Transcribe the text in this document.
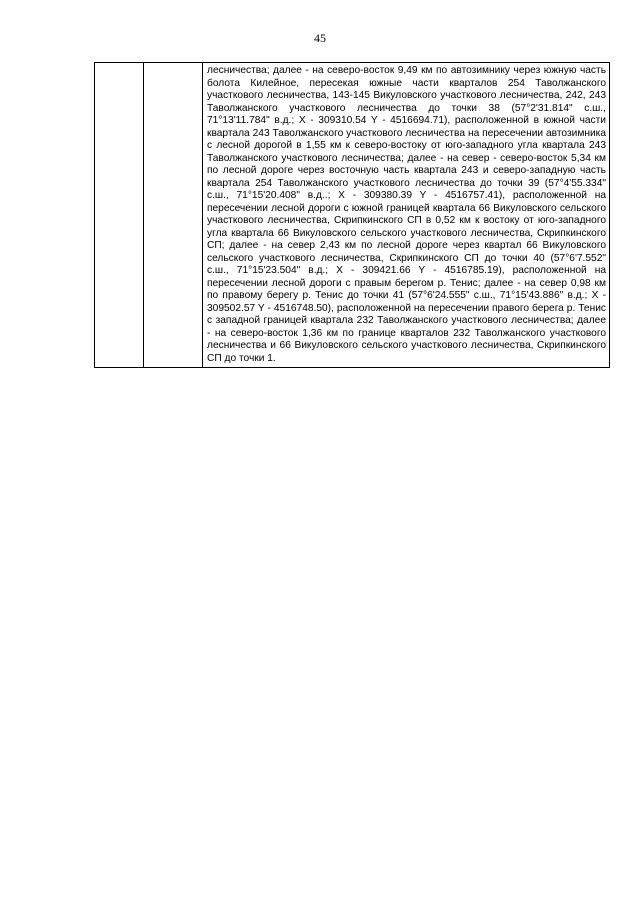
45
		лесничества; далее - на северо-восток 9,49 км по автозимнику через южную часть болота Килейное, пересекая южные части кварталов 254 Таволжанского участкового лесничества, 143-145 Викуловского участкового лесничества, 242, 243 Таволжанского участкового лесничества до точки 38 (57°2'31.814" с.ш., 71°13'11.784" в.д.; X - 309310.54 Y - 4516694.71), расположенной в южной части квартала 243 Таволжанского участкового лесничества на пересечении автозимника с лесной дорогой в 1,55 км к северо-востоку от юго-западного угла квартала 243 Таволжанского участкового лесничества; далее - на север - северо-восток 5,34 км по лесной дороге через восточную часть квартала 243 и северо-западную часть квартала 254 Таволжанского участкового лесничества до точки 39 (57°4'55.334" с.ш., 71°15'20.408" в.д..; X - 309380.39 Y - 4516757.41), расположенной на пересечении лесной дороги с южной границей квартала 66 Викуловского сельского участкового лесничества, Скрипкинского СП в 0,52 км к востоку от юго-западного угла квартала 66 Викуловского сельского участкового лесничества, Скрипкинского СП; далее - на север 2,43 км по лесной дороге через квартал 66 Викуловского сельского участкового лесничества, Скрипкинского СП до точки 40 (57°6'7.552" с.ш., 71°15'23.504" в.д.; X - 309421.66 Y - 4516785.19), расположенной на пересечении лесной дороги с правым берегом р. Тенис; далее - на север 0,98 км по правому берегу р. Тенис до точки 41 (57°6'24.555" с.ш., 71°15'43.886" в.д.; X - 309502.57 Y - 4516748.50), расположенной на пересечении правого берега р. Тенис с западной границей квартала 232 Таволжанского участкового лесничества; далее - на северо-восток 1,36 км по границе кварталов 232 Таволжанского участкового лесничества и 66 Викуловского сельского участкового лесничества, Скрипкинского СП до точки 1.
